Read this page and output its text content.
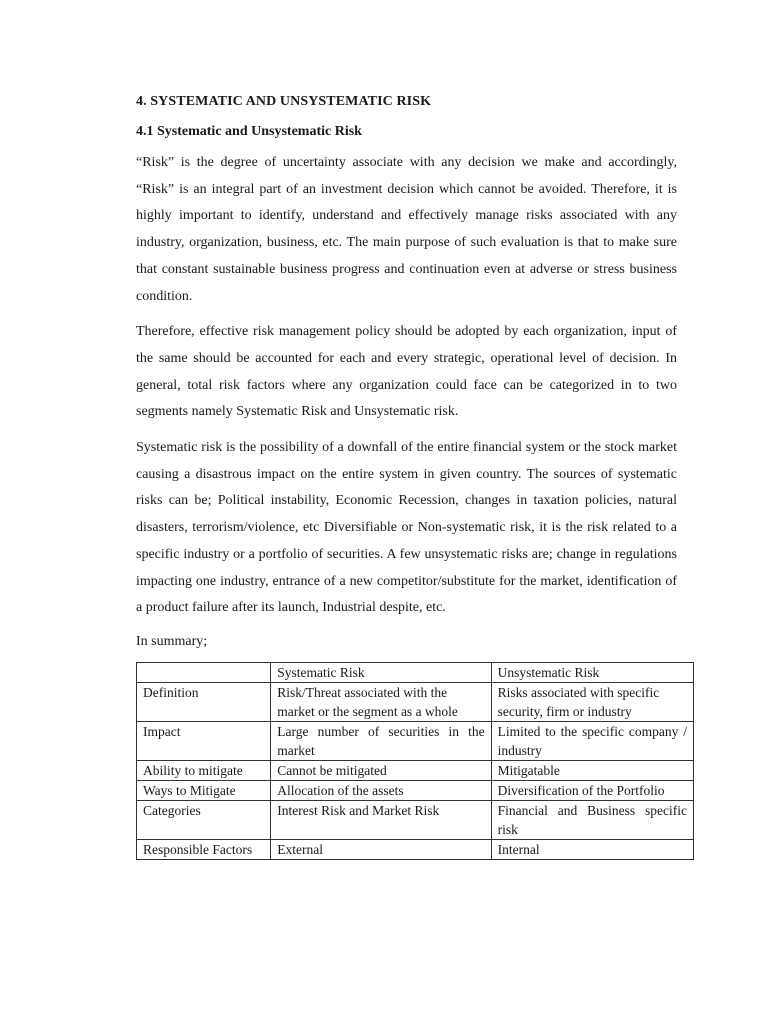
4. SYSTEMATIC AND UNSYSTEMATIC RISK
4.1 Systematic and Unsystematic Risk

“Risk” is the degree of uncertainty associate with any decision we make and accordingly, “Risk” is an integral part of an investment decision which cannot be avoided. Therefore, it is highly important to identify, understand and effectively manage risks associated with any industry, organization, business, etc. The main purpose of such evaluation is that to make sure that constant sustainable business progress and continuation even at adverse or stress business condition.

Therefore, effective risk management policy should be adopted by each organization, input of the same should be accounted for each and every strategic, operational level of decision. In general, total risk factors where any organization could face can be categorized in to two segments namely Systematic Risk and Unsystematic risk.

Systematic risk is the possibility of a downfall of the entire financial system or the stock market causing a disastrous impact on the entire system in given country. The sources of systematic risks can be; Political instability, Economic Recession, changes in taxation policies, natural disasters, terrorism/violence, etc Diversifiable or Non-systematic risk, it is the risk related to a specific industry or a portfolio of securities. A few unsystematic risks are; change in regulations impacting one industry, entrance of a new competitor/substitute for the market, identification of a product failure after its launch, Industrial despite, etc.

In summary;
	Systematic Risk	Unsystematic Risk
Definition	Risk/Threat associated with the market or the segment as a whole	Risks associated with specific security, firm or industry
Impact	Large number of securities in the market	Limited to the specific company / industry
Ability to mitigate	Cannot be mitigated	Mitigatable
Ways to Mitigate	Allocation of the assets	Diversification of the Portfolio
Categories	Interest Risk and Market Risk	Financial and Business specific risk
Responsible Factors	External	Internal
